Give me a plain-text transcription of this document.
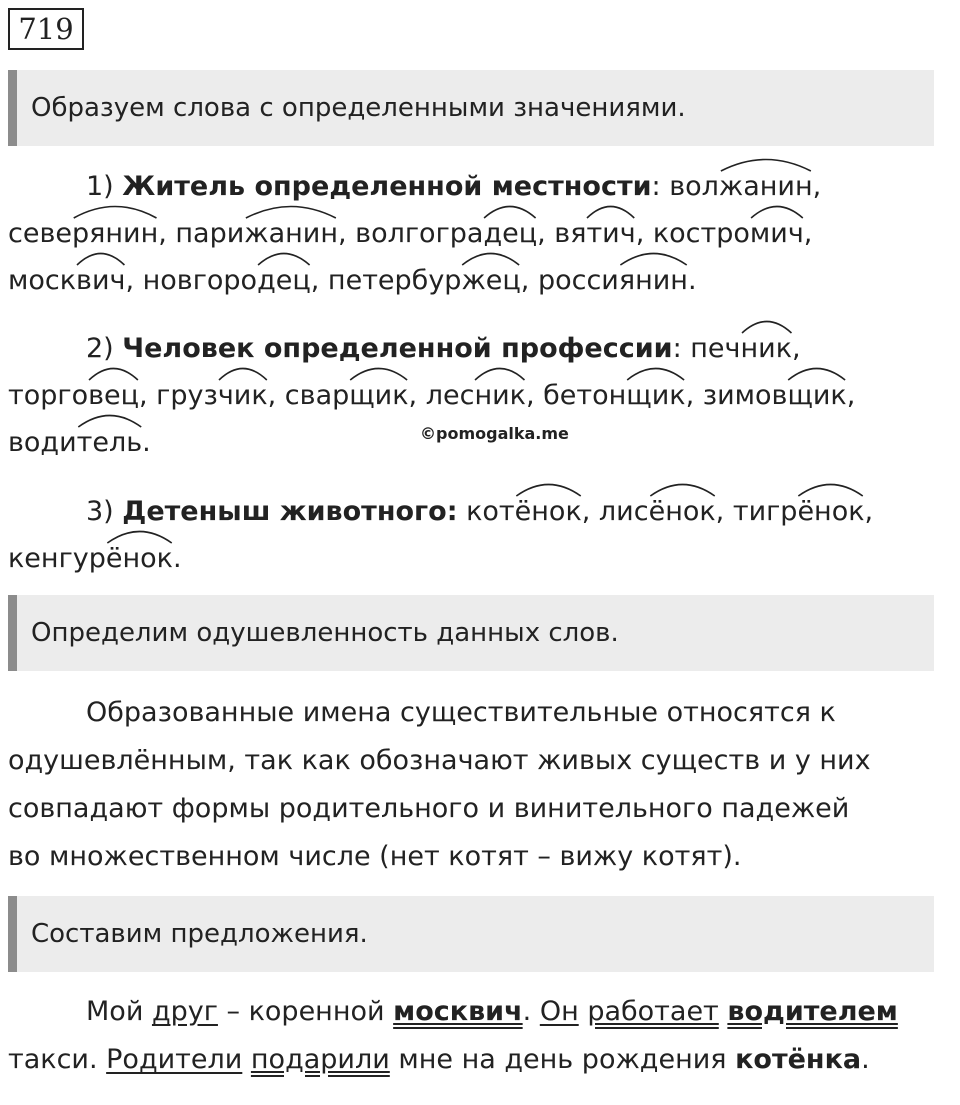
719
Образуем слова с определенными значениями.

1) Житель определенной местности: волжанин
,

северянин
, парижанин
, волгоградец
, вятич
, костромич
,

москвич
, новгородец
, петербуржец
, россиянин
.

2) Человек определенной профессии: печник
,

торговец
, грузчик
, сварщик
, лесник
, бетонщик
, зимовщик
,

водитель
.	©pomogalka.me

3) Детеныш животного: котёнок
, лисёнок
, тигрёнок
,

кенгурёнок
.

Определим одушевленность данных слов.

Образованные имена существительные относятся к

одушевлённым, так как обозначают живых существ и у них

совпадают формы родительного и винительного падежей

во множественном числе (нет котят – вижу котят).

Составим предложения.

Мой друг – коренной москвич. Он работает водителем

такси. Родители подарили мне на день рождения котёнка.
